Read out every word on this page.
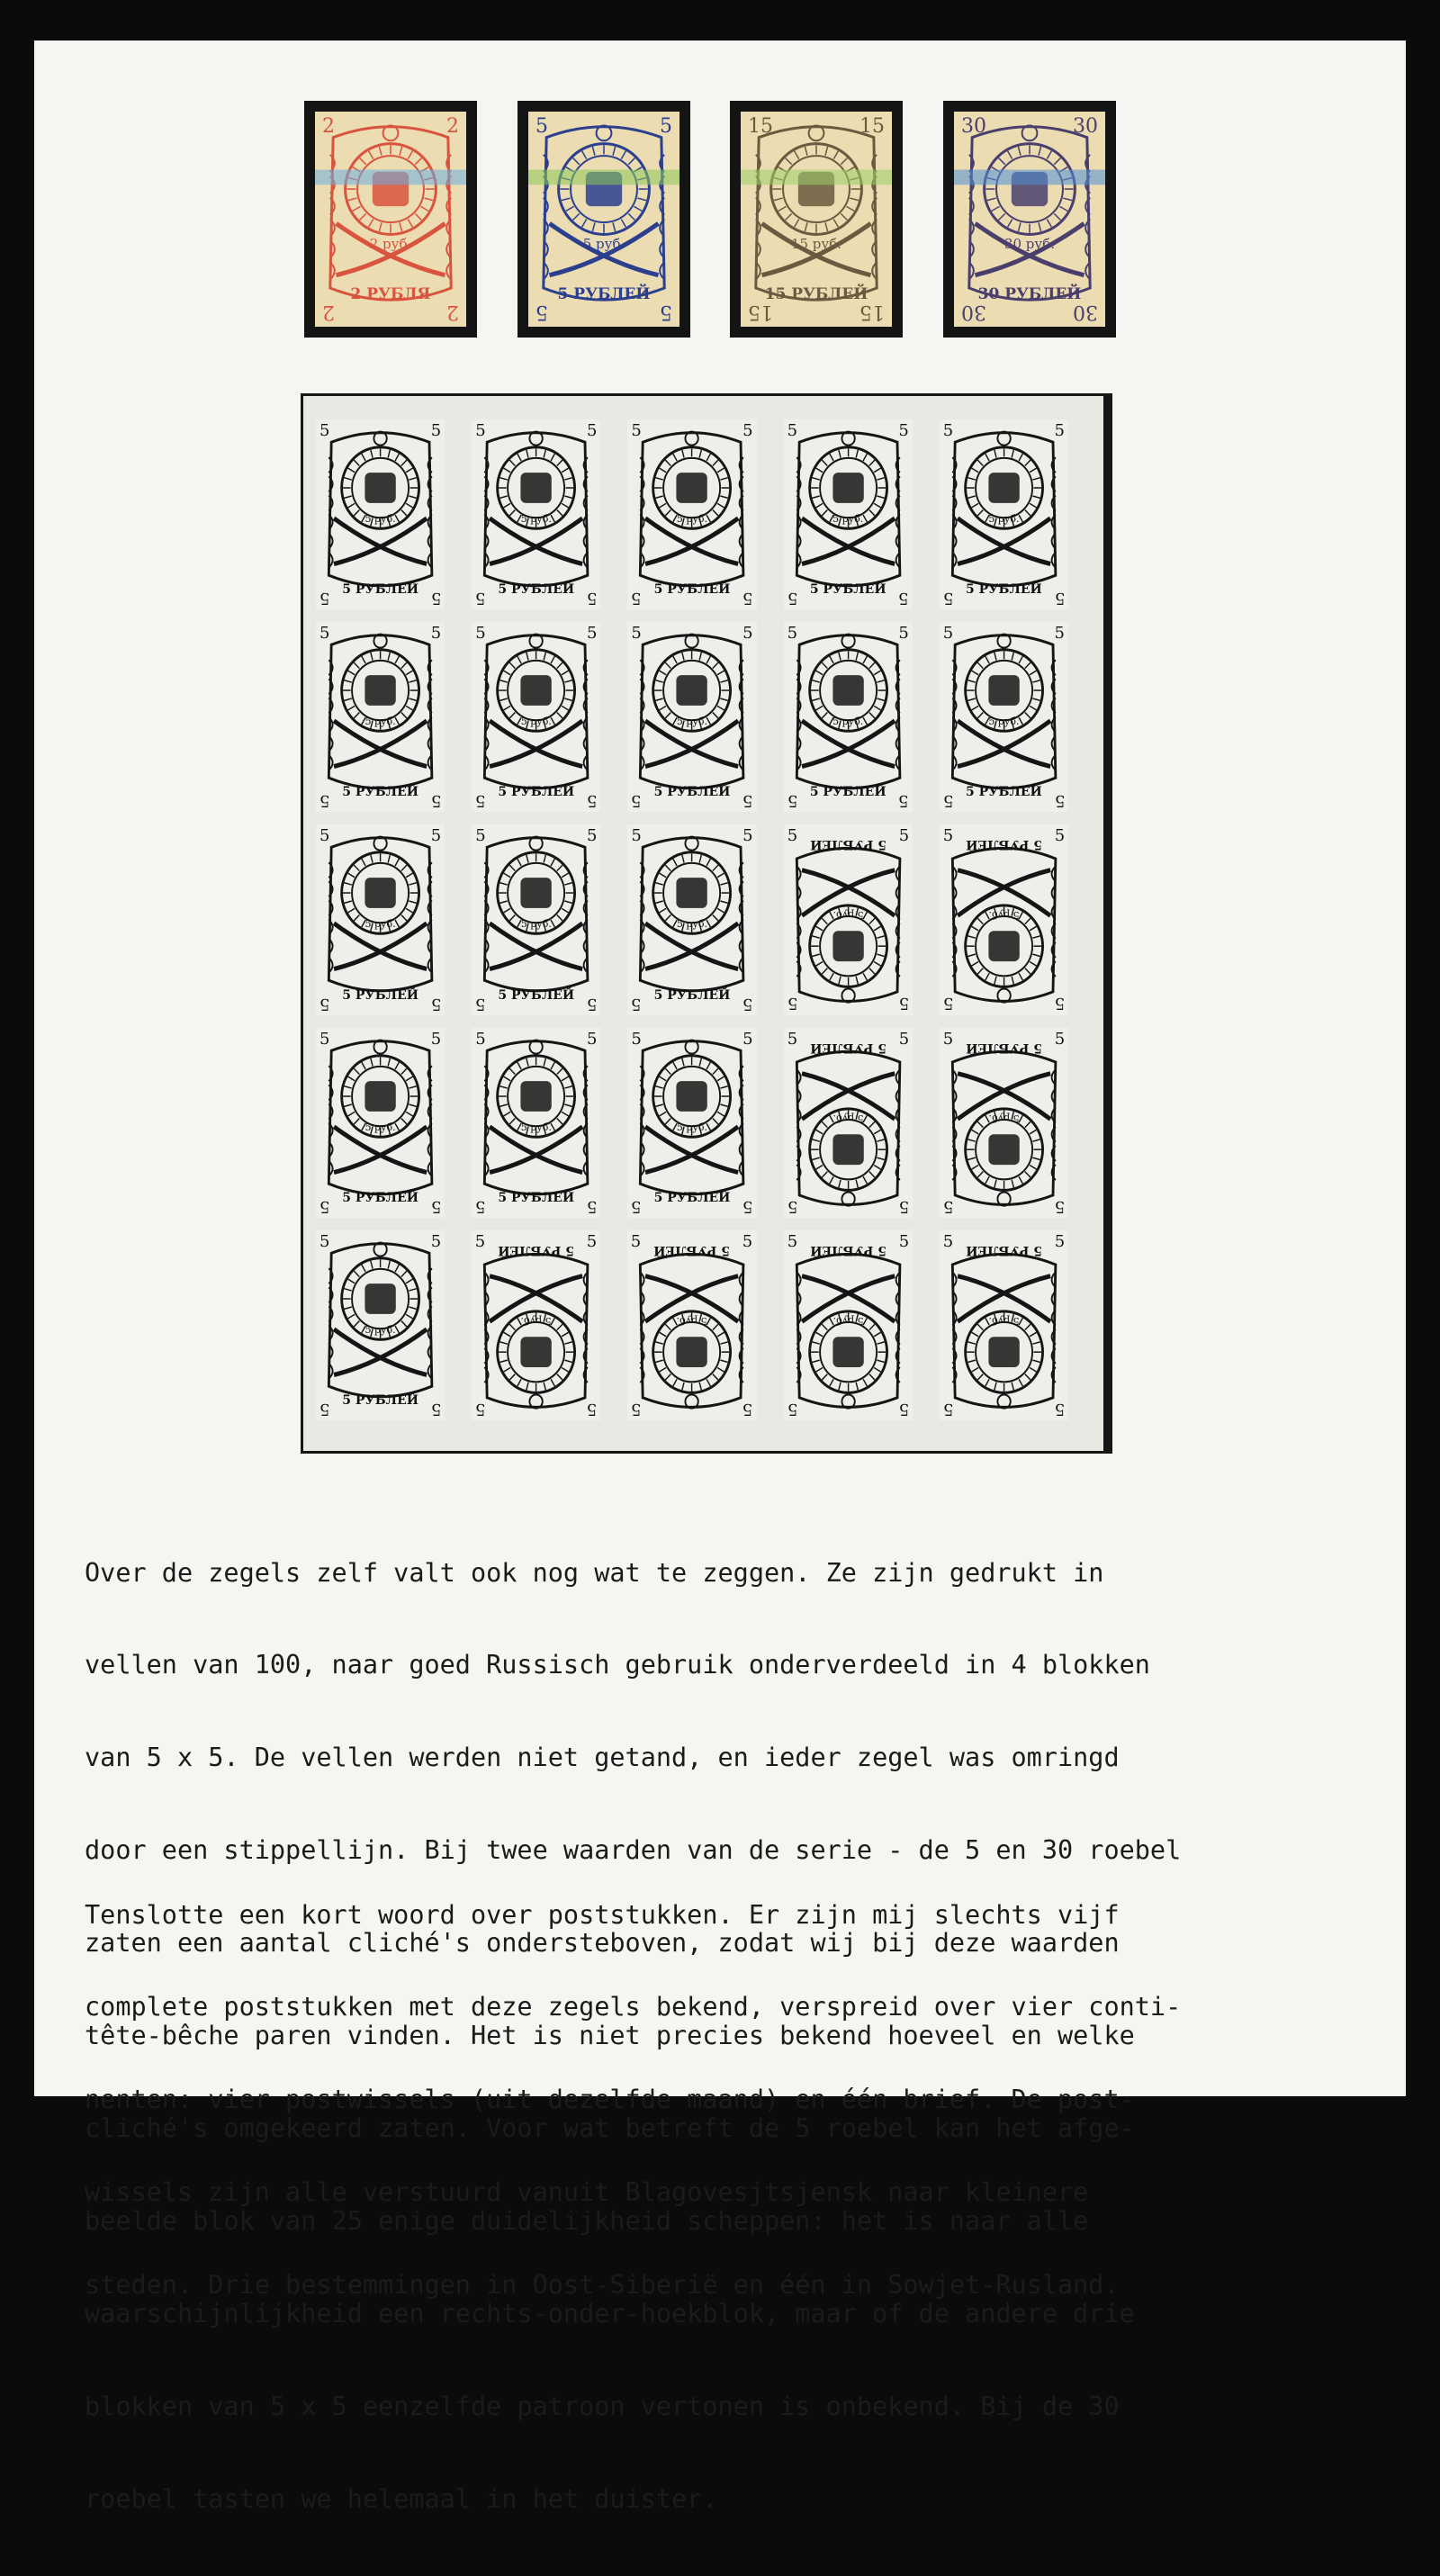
2	2
2	2
2 руб.
2 РУБЛЯ
5	5
5	5
5 руб.
5 РУБЛЕЙ
15	15
15	15
15 руб.
15 РУБЛЕЙ
30	30
30	30
30 руб.
30 РУБЛЕЙ
5	5
5	5
5 руб.
5 РУБЛЕЙ
5	5
5	5
5 руб.
5 РУБЛЕЙ
5	5
5	5
5 руб.
5 РУБЛЕЙ
5	5
5	5
5 руб.
5 РУБЛЕЙ
5	5
5	5
5 руб.
5 РУБЛЕЙ
5	5
5	5
5 руб.
5 РУБЛЕЙ
5	5
5	5
5 руб.
5 РУБЛЕЙ
5	5
5	5
5 руб.
5 РУБЛЕЙ
5	5
5	5
5 руб.
5 РУБЛЕЙ
5	5
5	5
5 руб.
5 РУБЛЕЙ
5	5
5	5
5 руб.
5 РУБЛЕЙ
5	5
5	5
5 руб.
5 РУБЛЕЙ
5	5
5	5
5 руб.
5 РУБЛЕЙ	5
5
5
5
5 руб.
5 РУБЛЕЙ
5
5
5
5
5 руб.
5 РУБЛЕЙ
5	5
5	5
5 руб.
5 РУБЛЕЙ
5	5
5	5
5 руб.
5 РУБЛЕЙ
5	5
5	5
5 руб.
5 РУБЛЕЙ	5
5
5
5
5 руб.
5 РУБЛЕЙ
5
5
5
5
5 руб.
5 РУБЛЕЙ
5	5
5	5
5 руб.
5 РУБЛЕЙ	5
5
5
5
5 руб.
5 РУБЛЕЙ
5
5
5
5
5 руб.
5 РУБЛЕЙ
5
5
5
5
5 руб.
5 РУБЛЕЙ
5
5
5
5
5 руб.
5 РУБЛЕЙ

Over de zegels zelf valt ook nog wat te zeggen. Ze zijn gedrukt in

vellen van 100, naar goed Russisch gebruik onderverdeeld in 4 blokken

van 5 x 5. De vellen werden niet getand, en ieder zegel was omringd

door een stippellijn. Bij twee waarden van de serie - de 5 en 30 roebel

zaten een aantal cliché's ondersteboven, zodat wij bij deze waarden

tête-bêche paren vinden. Het is niet precies bekend hoeveel en welke

cliché's omgekeerd zaten. Voor wat betreft de 5 roebel kan het afge-

beelde blok van 25 enige duidelijkheid scheppen: het is naar alle

waarschijnlijkheid een rechts-onder-hoekblok, maar of de andere drie

blokken van 5 x 5 eenzelfde patroon vertonen is onbekend. Bij de 30

roebel tasten we helemaal in het duister.

Tenslotte een kort woord over poststukken. Er zijn mij slechts vijf

complete poststukken met deze zegels bekend, verspreid over vier conti-

nenten: vier postwissels (uit dezelfde maand) en één brief. De post-

wissels zijn alle verstuurd vanuit Blagovesjtsjensk naar kleinere

steden. Drie bestemmingen in Oost-Siberië en één in Sowjet-Rusland.
